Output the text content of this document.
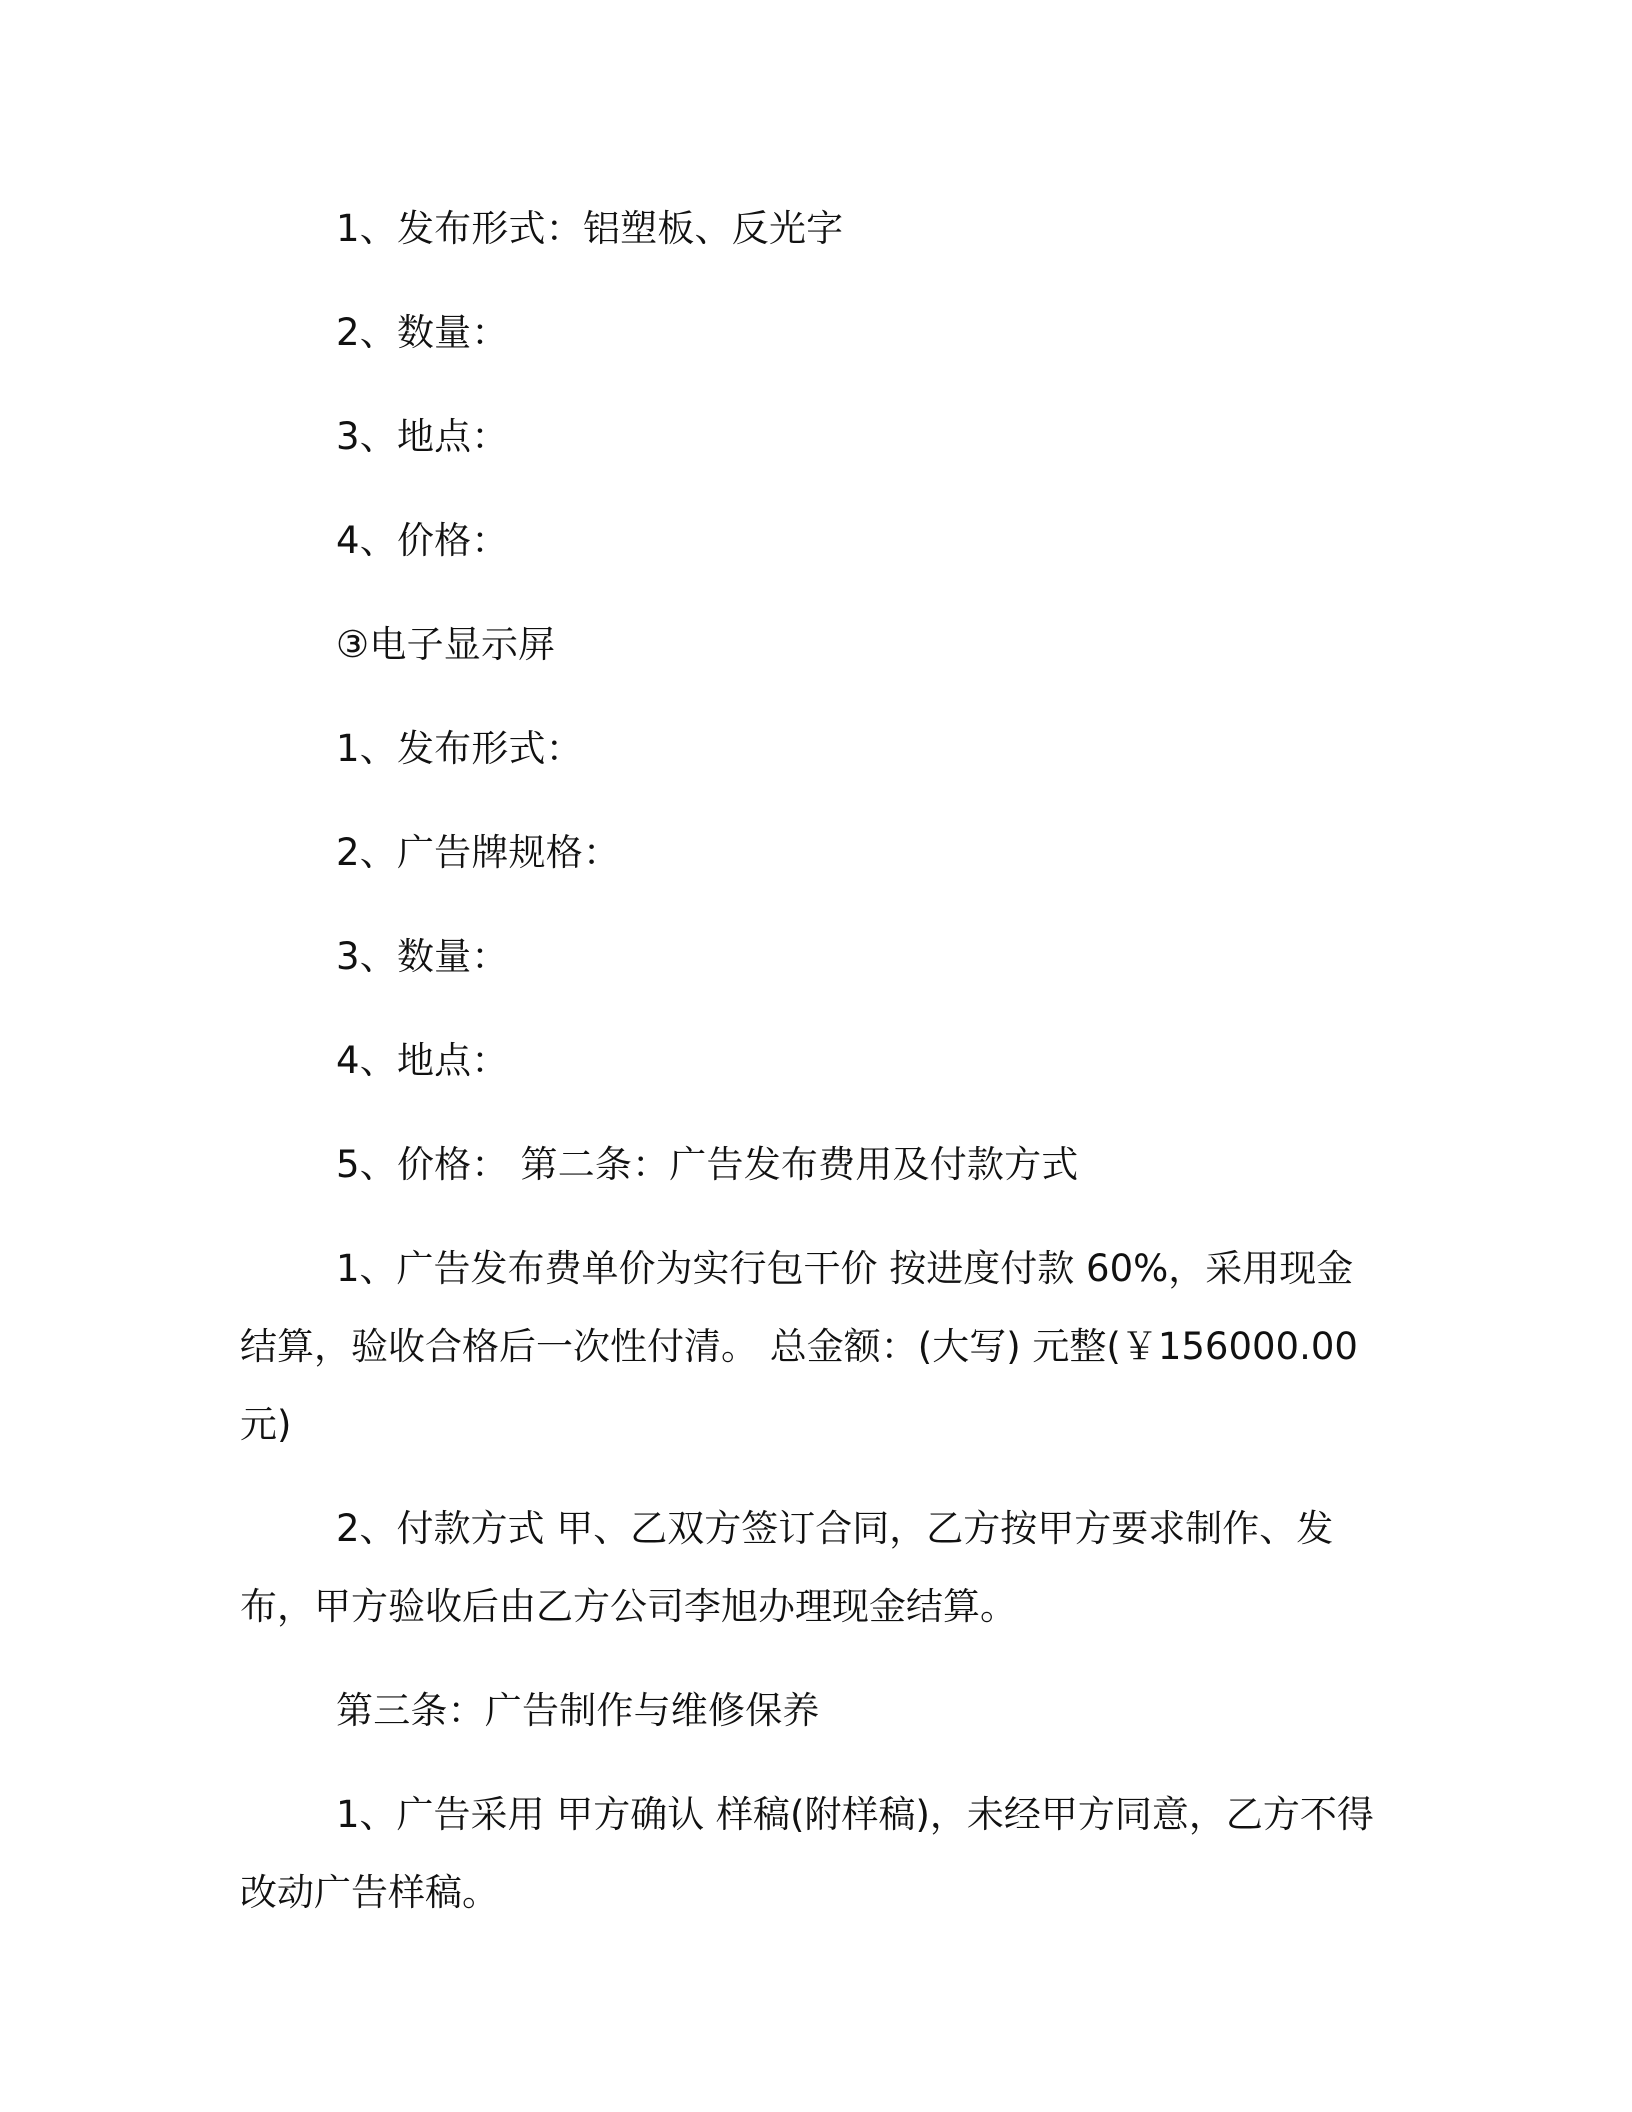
1、发布形式：铝塑板、反光字

2、数量：

3、地点：

4、价格：

③电子显示屏

1、发布形式：

2、广告牌规格：

3、数量：

4、地点：

5、价格： 第二条：广告发布费用及付款方式

1、广告发布费单价为实行包干价 按进度付款 60%，采用现金结算，验收合格后一次性付清。 总金额：(大写) 元整(￥156000.00 元)

2、付款方式 甲、乙双方签订合同，乙方按甲方要求制作、发布，甲方验收后由乙方公司李旭办理现金结算。

第三条：广告制作与维修保养

1、广告采用 甲方确认 样稿(附样稿)，未经甲方同意，乙方不得改动广告样稿。
